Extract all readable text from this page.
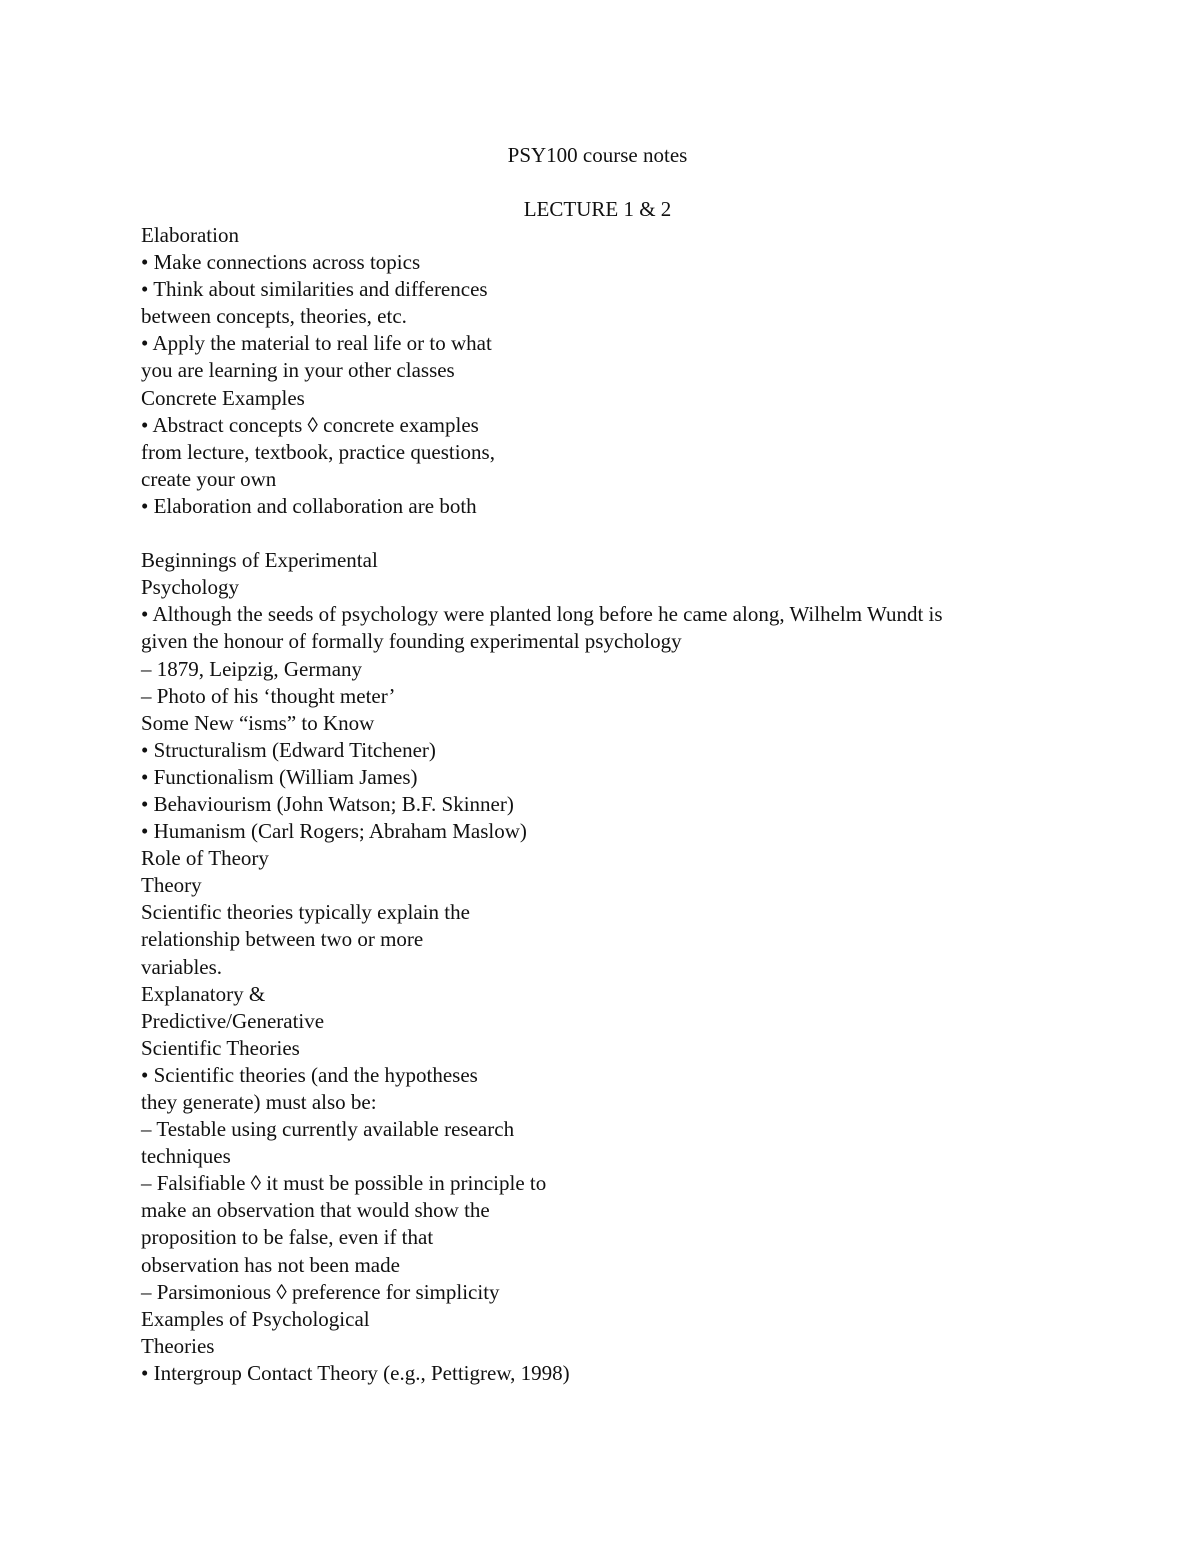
PSY100 course notes
LECTURE 1 & 2
Elaboration
• Make connections across topics
• Think about similarities and differences
between concepts, theories, etc.
• Apply the material to real life or to what
you are learning in your other classes
Concrete Examples
• Abstract concepts ◊ concrete examples
from lecture, textbook, practice questions,
create your own
• Elaboration and collaboration are both
Beginnings of Experimental
Psychology
• Although the seeds of psychology were planted long before he came along, Wilhelm Wundt is
given the honour of formally founding experimental psychology
– 1879, Leipzig, Germany
– Photo of his ‘thought meter’
Some New “isms” to Know
• Structuralism (Edward Titchener)
• Functionalism (William James)
• Behaviourism (John Watson; B.F. Skinner)
• Humanism (Carl Rogers; Abraham Maslow)
Role of Theory
Theory
Scientific theories typically explain the
relationship between two or more
variables.
Explanatory &
Predictive/Generative
Scientific Theories
• Scientific theories (and the hypotheses
they generate) must also be:
– Testable using currently available research
techniques
– Falsifiable ◊ it must be possible in principle to
make an observation that would show the
proposition to be false, even if that
observation has not been made
– Parsimonious ◊ preference for simplicity
Examples of Psychological
Theories
• Intergroup Contact Theory (e.g., Pettigrew, 1998)
